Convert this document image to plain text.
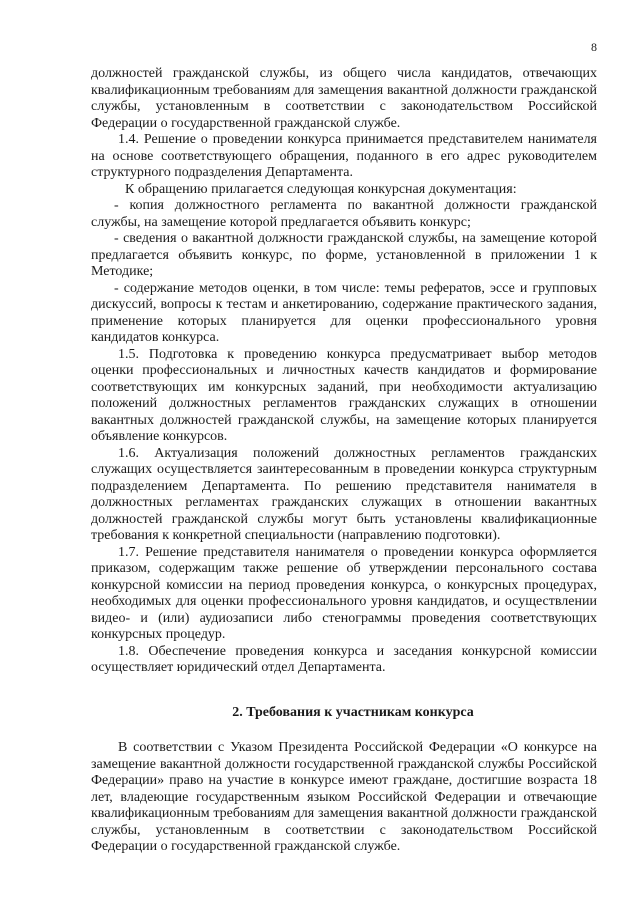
8

должностей гражданской службы, из общего числа кандидатов, отвечающих квалификационным требованиям для замещения вакантной должности гражданской службы, установленным в соответствии с законодательством Российской Федерации о государственной гражданской службе.

1.4. Решение о проведении конкурса принимается представителем нанимателя на основе соответствующего обращения, поданного в его адрес руководителем структурного подразделения Департамента.

К обращению прилагается следующая конкурсная документация:

- копия должностного регламента по вакантной должности гражданской службы, на замещение которой предлагается объявить конкурс;

- сведения о вакантной должности гражданской службы, на замещение которой предлагается объявить конкурс, по форме, установленной в приложении 1 к Методике;

- содержание методов оценки, в том числе: темы рефератов, эссе и групповых дискуссий, вопросы к тестам и анкетированию, содержание практического задания, применение которых планируется для оценки профессионального уровня кандидатов конкурса.

1.5. Подготовка к проведению конкурса предусматривает выбор методов оценки профессиональных и личностных качеств кандидатов и формирование соответствующих им конкурсных заданий, при необходимости актуализацию положений должностных регламентов гражданских служащих в отношении вакантных должностей гражданской службы, на замещение которых планируется объявление конкурсов.

1.6. Актуализация положений должностных регламентов гражданских служащих осуществляется заинтересованным в проведении конкурса структурным подразделением Департамента. По решению представителя нанимателя в должностных регламентах гражданских служащих в отношении вакантных должностей гражданской службы могут быть установлены квалификационные требования к конкретной специальности (направлению подготовки).

1.7. Решение представителя нанимателя о проведении конкурса оформляется приказом, содержащим также решение об утверждении персонального состава конкурсной комиссии на период проведения конкурса, о конкурсных процедурах, необходимых для оценки профессионального уровня кандидатов, и осуществлении видео- и (или) аудиозаписи либо стенограммы проведения соответствующих конкурсных процедур.

1.8. Обеспечение проведения конкурса и заседания конкурсной комиссии осуществляет юридический отдел Департамента.

2. Требования к участникам конкурса

В соответствии с Указом Президента Российской Федерации «О конкурсе на замещение вакантной должности государственной гражданской службы Российской Федерации» право на участие в конкурсе имеют граждане, достигшие возраста 18 лет, владеющие государственным языком Российской Федерации и отвечающие квалификационным требованиям для замещения вакантной должности гражданской службы, установленным в соответствии с законодательством Российской Федерации о государственной гражданской службе.
